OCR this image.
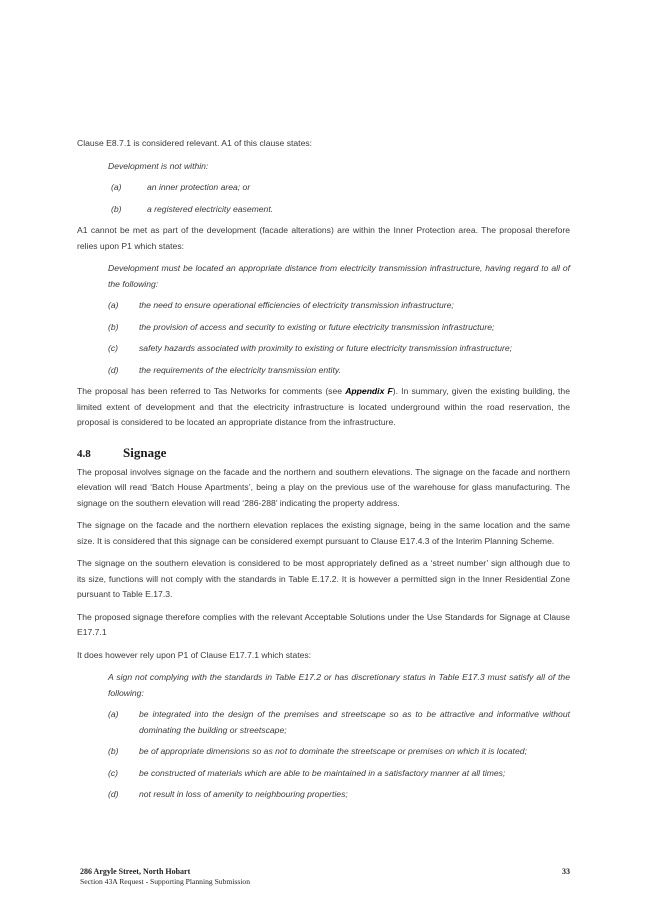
Clause E8.7.1 is considered relevant. A1 of this clause states:

Development is not within:

(a)	an inner protection area; or
(b)	a registered electricity easement.

A1 cannot be met as part of the development (facade alterations) are within the Inner Protection area. The proposal therefore relies upon P1 which states:

Development must be located an appropriate distance from electricity transmission infrastructure, having regard to all of the following:

(a)	the need to ensure operational efficiencies of electricity transmission infrastructure;
(b)	the provision of access and security to existing or future electricity transmission infrastructure;
(c)	safety hazards associated with proximity to existing or future electricity transmission infrastructure;
(d)	the requirements of the electricity transmission entity.

The proposal has been referred to Tas Networks for comments (see Appendix F). In summary, given the existing building, the limited extent of development and that the electricity infrastructure is located underground within the road reservation, the proposal is considered to be located an appropriate distance from the infrastructure.

4.8	Signage

The proposal involves signage on the facade and the northern and southern elevations. The signage on the facade and northern elevation will read ‘Batch House Apartments’, being a play on the previous use of the warehouse for glass manufacturing. The signage on the southern elevation will read ‘286-288’ indicating the property address.

The signage on the facade and the northern elevation replaces the existing signage, being in the same location and the same size. It is considered that this signage can be considered exempt pursuant to Clause E17.4.3 of the Interim Planning Scheme.

The signage on the southern elevation is considered to be most appropriately defined as a ‘street number’ sign although due to its size, functions will not comply with the standards in Table E.17.2. It is however a permitted sign in the Inner Residential Zone pursuant to Table E.17.3.

The proposed signage therefore complies with the relevant Acceptable Solutions under the Use Standards for Signage at Clause E17.7.1

It does however rely upon P1 of Clause E17.7.1 which states:

A sign not complying with the standards in Table E17.2 or has discretionary status in Table E17.3 must satisfy all of the following:

(a)	be integrated into the design of the premises and streetscape so as to be attractive and informative without dominating the building or streetscape;
(b)	be of appropriate dimensions so as not to dominate the streetscape or premises on which it is located;
(c)	be constructed of materials which are able to be maintained in a satisfactory manner at all times;
(d)	not result in loss of amenity to neighbouring properties;
286 Argyle Street, North Hobart
Section 43A Request - Supporting Planning Submission
33
